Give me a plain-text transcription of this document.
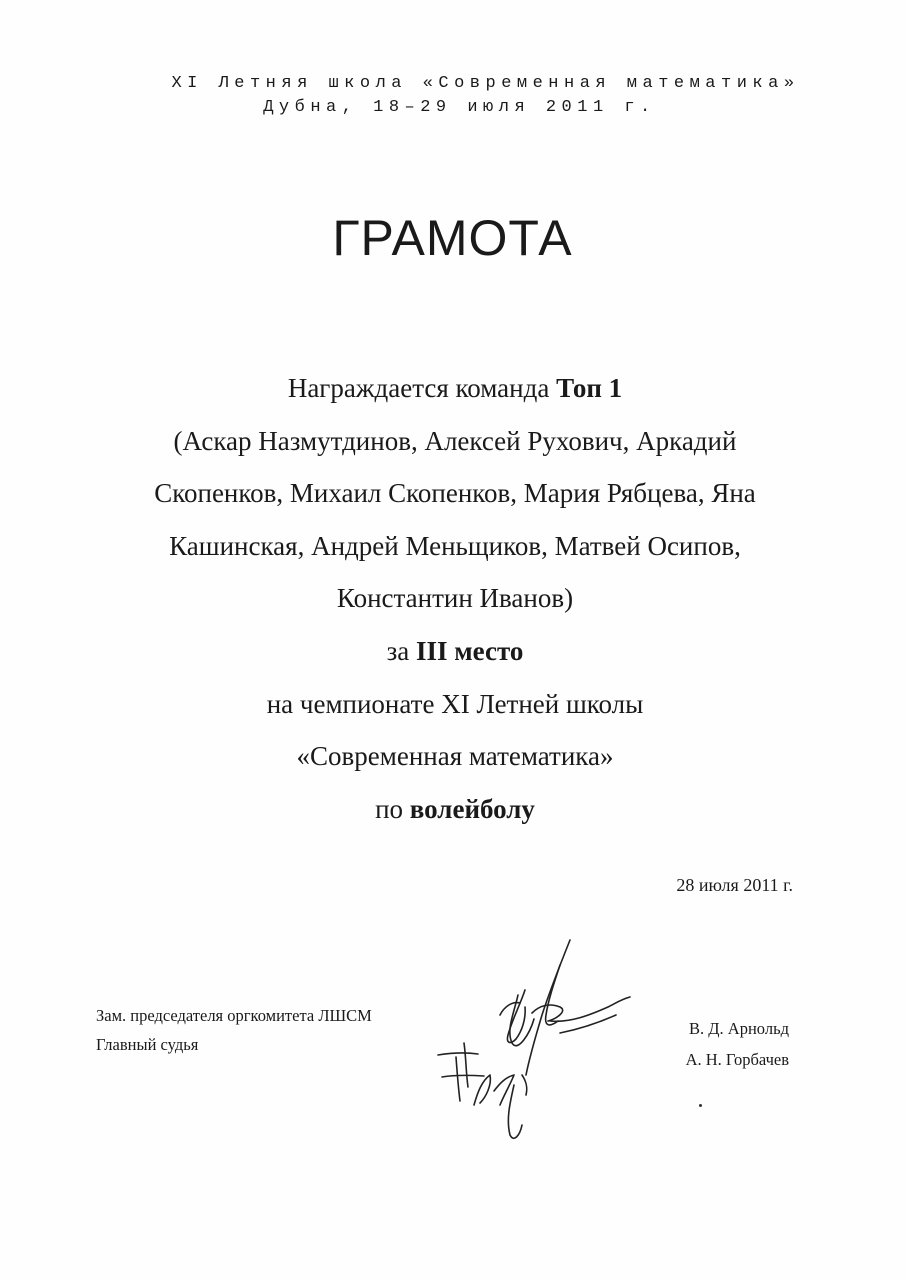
XI Летняя школа «Современная математика»
Дубна, 18–29 июля 2011 г.
ГРАМОТА
Награждается команда Топ 1
(Аскар Назмутдинов, Алексей Рухович, Аркадий
Скопенков, Михаил Скопенков, Мария Рябцева, Яна
Кашинская, Андрей Меньщиков, Матвей Осипов,
Константин Иванов)
за III место
на чемпионате XI Летней школы
«Современная математика»
по волейболу
28 июля 2011 г.
Зам. председателя оргкомитета ЛШСМ
Главный судья
В. Д. Арнольд
А. Н. Горбачев
